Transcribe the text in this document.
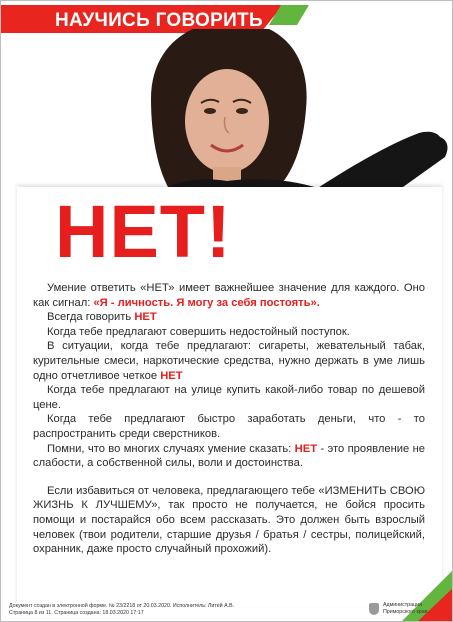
НАУЧИСЬ ГОВОРИТЬ
НЕТ!

Умение ответить «НЕТ» имеет важнейшее значение для каждого. Оно как сигнал: «Я - личность. Я могу за себя постоять».

Всегда говорить НЕТ

Когда тебе предлагают совершить недостойный поступок.

В ситуации, когда тебе предлагают: сигареты, жевательный табак, курительные смеси, наркотические средства, нужно держать в уме лишь одно отчетливое четкое НЕТ

Когда тебе предлагают на улице купить какой-либо товар по дешевой цене.

Когда тебе предлагают быстро заработать деньги, что - то распространить среди сверстников.

Помни, что во многих случаях умение сказать: НЕТ - это проявление не слабости, а собственной силы, воли и достоинства.

Если избавиться от человека, предлагающего тебе «ИЗМЕНИТЬ СВОЮ ЖИЗНЬ К ЛУЧШЕМУ», так просто не получается, не бойся просить помощи и постарайся обо всем рассказать. Это должен быть взрослый человек (твои родители, старшие друзья / братья / сестры, полицейский, охранник, даже просто случайный прохожий).

Документ создан в электронной форме. № 23/2218 от 20.03.2020. Исполнитель: Литей А.В.
Страница 8 из 11. Страница создана: 18.03.2020 17:17
Администрация
Приморского края
